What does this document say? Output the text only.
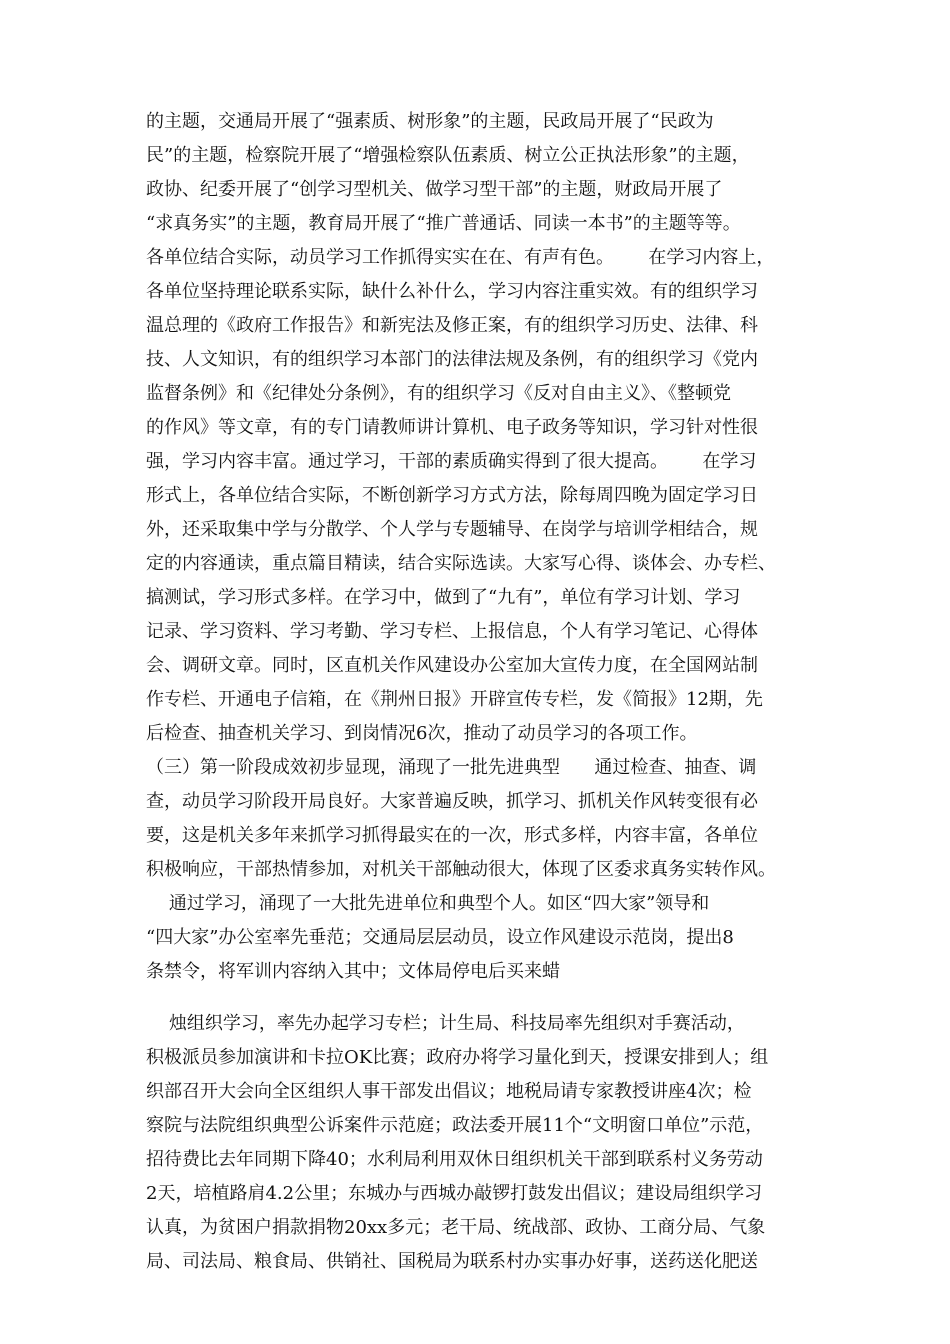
的主题，交通局开展了“强素质、树形象”的主题，民政局开展了“民政为

民”的主题，检察院开展了“增强检察队伍素质、树立公正执法形象”的主题，

政协、纪委开展了“创学习型机关、做学习型干部”的主题，财政局开展了

“求真务实”的主题，教育局开展了“推广普通话、同读一本书”的主题等等。

各单位结合实际，动员学习工作抓得实实在在、有声有色。      在学习内容上，

各单位坚持理论联系实际，缺什么补什么，学习内容注重实效。有的组织学习

温总理的《政府工作报告》和新宪法及修正案，有的组织学习历史、法律、科

技、人文知识，有的组织学习本部门的法律法规及条例，有的组织学习《党内

监督条例》和《纪律处分条例》，有的组织学习《反对自由主义》、《整顿党

的作风》等文章，有的专门请教师讲计算机、电子政务等知识，学习针对性很

强，学习内容丰富。通过学习，干部的素质确实得到了很大提高。      在学习

形式上，各单位结合实际，不断创新学习方式方法，除每周四晚为固定学习日

外，还采取集中学与分散学、个人学与专题辅导、在岗学与培训学相结合，规

定的内容通读，重点篇目精读，结合实际选读。大家写心得、谈体会、办专栏、

搞测试，学习形式多样。在学习中，做到了“九有”，单位有学习计划、学习

记录、学习资料、学习考勤、学习专栏、上报信息，个人有学习笔记、心得体

会、调研文章。同时，区直机关作风建设办公室加大宣传力度，在全国网站制

作专栏、开通电子信箱，在《荆州日报》开辟宣传专栏，发《简报》12期，先

后检查、抽查机关学习、到岗情况6次，推动了动员学习的各项工作。

（三）第一阶段成效初步显现，涌现了一批先进典型      通过检查、抽查、调

查，动员学习阶段开局良好。大家普遍反映，抓学习、抓机关作风转变很有必

要，这是机关多年来抓学习抓得最实在的一次，形式多样，内容丰富，各单位

积极响应，干部热情参加，对机关干部触动很大，体现了区委求真务实转作风。

通过学习，涌现了一大批先进单位和典型个人。如区“四大家”领导和

“四大家”办公室率先垂范；交通局层层动员，设立作风建设示范岗，提出8

条禁令，将军训内容纳入其中；文体局停电后买来蜡

烛组织学习，率先办起学习专栏；计生局、科技局率先组织对手赛活动，

积极派员参加演讲和卡拉OK比赛；政府办将学习量化到天，授课安排到人；组

织部召开大会向全区组织人事干部发出倡议；地税局请专家教授讲座4次；检

察院与法院组织典型公诉案件示范庭；政法委开展11个“文明窗口单位”示范，

招待费比去年同期下降40；水利局利用双休日组织机关干部到联系村义务劳动

2天，培植路肩4.2公里；东城办与西城办敲锣打鼓发出倡议；建设局组织学习

认真，为贫困户捐款捐物20xx多元；老干局、统战部、政协、工商分局、气象

局、司法局、粮食局、供销社、国税局为联系村办实事办好事，送药送化肥送
